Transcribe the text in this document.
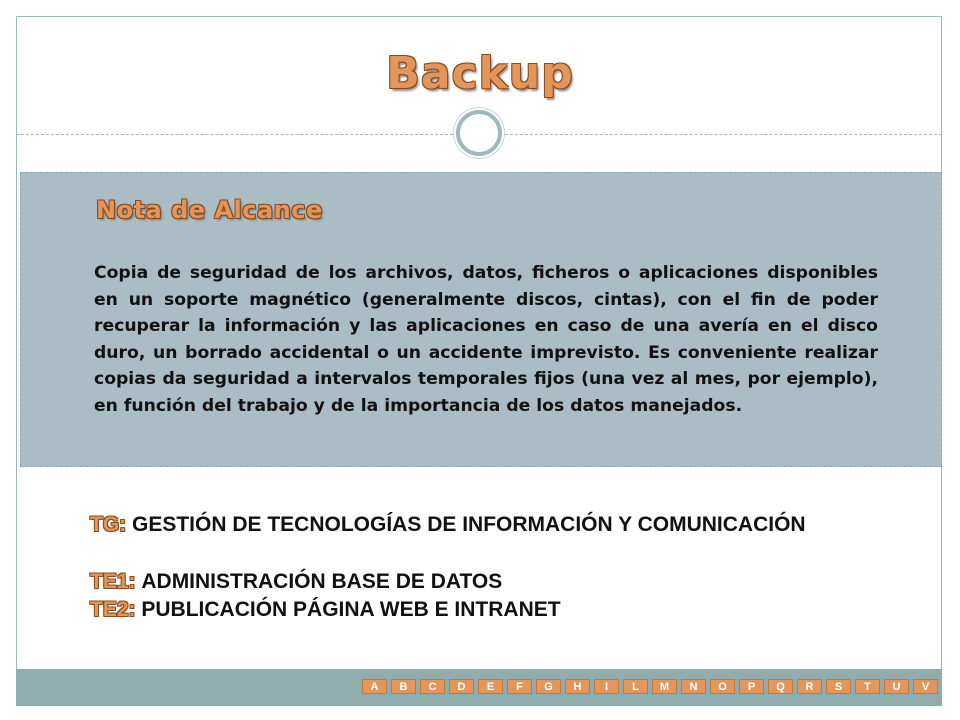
Backup
Nota de Alcance
Copia de seguridad de los archivos, datos, ficheros o aplicaciones disponibles en un soporte magnético (generalmente discos, cintas), con el fin de poder recuperar la información y las aplicaciones en caso de una avería en el disco duro, un borrado accidental o un accidente imprevisto. Es conveniente realizar copias da seguridad a intervalos temporales fijos (una vez al mes, por ejemplo), en función del trabajo y de la importancia de los datos manejados.
TG: GESTIÓN DE TECNOLOGÍAS DE INFORMACIÓN Y COMUNICACIÓN
TE1: ADMINISTRACIÓN BASE DE DATOS
TE2: PUBLICACIÓN PÁGINA WEB E INTRANET
A	B	C	D	E	F	G	H	I	L	M	N	O	P	Q	R	S	T	U	V
